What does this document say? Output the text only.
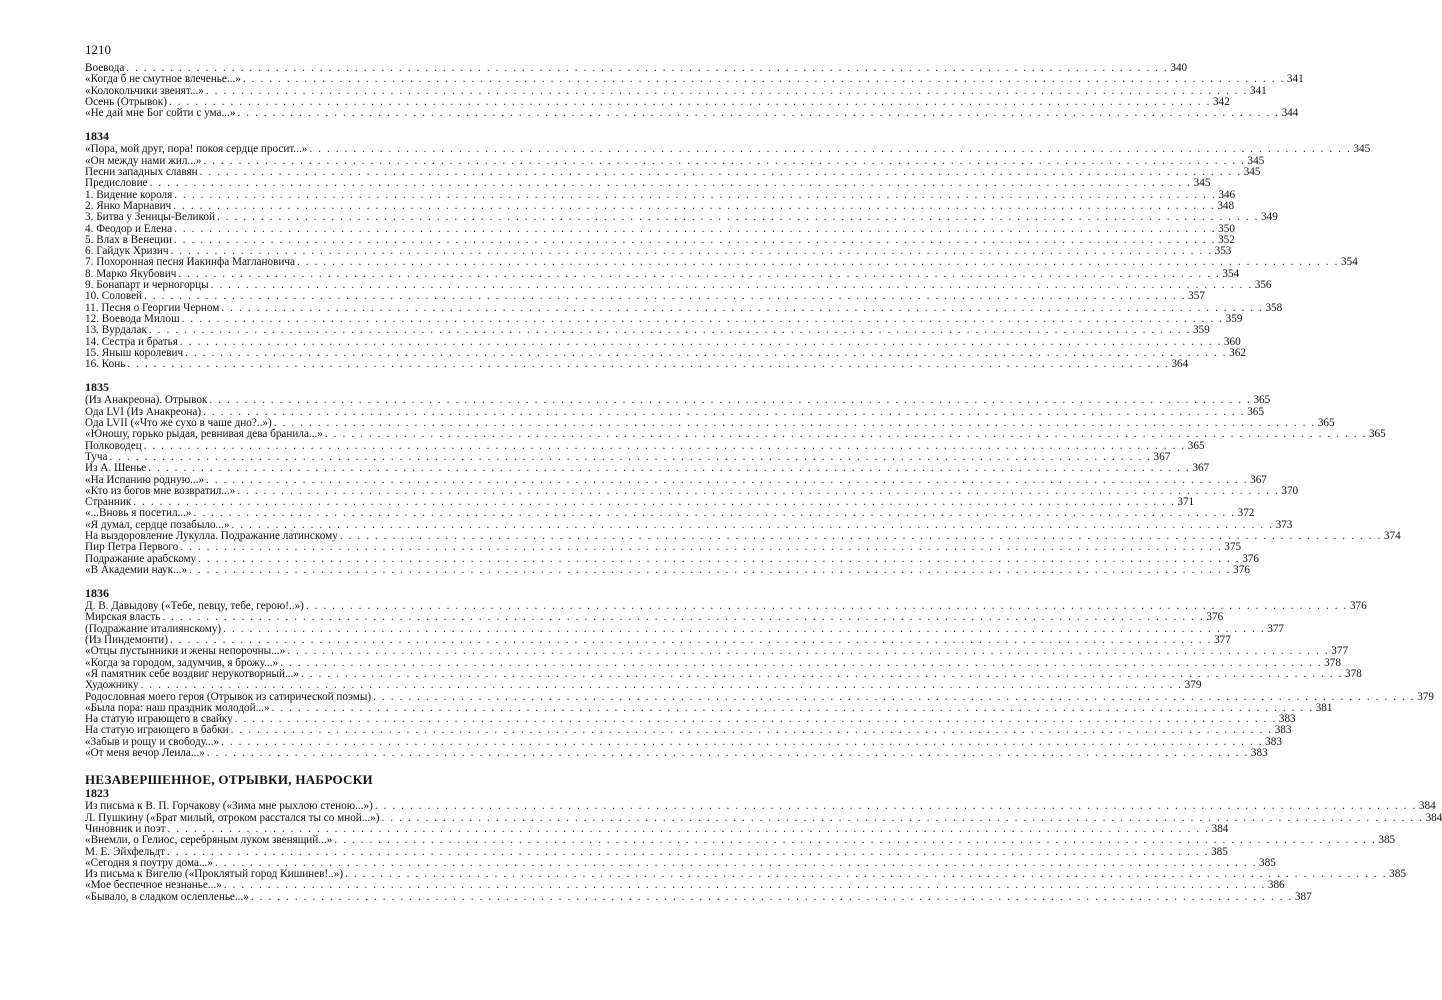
1210
Воевода . . . . . . . . . . . . . . . . . . . . . . . . . . . . . . . . . . . . . . . . . . . . . . . . . . . . . . . . . . . . . . . . . . . . . . . . . . . . . . . . . . . . . . . . . . . . . . . . . . . . . . . . . . . . . . . . . . . . . . . 340
«Когда б не смутное влеченье...» . . . . . . . . . . . . . . . . . . . . . . . . . . . . . . . . . . . . . . . . . . . . . . . . . . . . . . . . . . . . . . . . . . . . . . . . . . . . . . . . . . . . . . . . . . . . . . . . . . . . . . . . . . . . . . . . . . . . . . . 341
«Колокольчики звенят...» . . . . . . . . . . . . . . . . . . . . . . . . . . . . . . . . . . . . . . . . . . . . . . . . . . . . . . . . . . . . . . . . . . . . . . . . . . . . . . . . . . . . . . . . . . . . . . . . . . . . . . . . . . . . . . . . . . . . . . . 341
Осень (Отрывок) . . . . . . . . . . . . . . . . . . . . . . . . . . . . . . . . . . . . . . . . . . . . . . . . . . . . . . . . . . . . . . . . . . . . . . . . . . . . . . . . . . . . . . . . . . . . . . . . . . . . . . . . . . . . . . . . . . . . . . . 342
«Не дай мне Бог сойти с ума...» . . . . . . . . . . . . . . . . . . . . . . . . . . . . . . . . . . . . . . . . . . . . . . . . . . . . . . . . . . . . . . . . . . . . . . . . . . . . . . . . . . . . . . . . . . . . . . . . . . . . . . . . . . . . . . . . . . . . . . . 344
1834
«Пора, мой друг, пора! покоя сердце просит...» . . . . . . . . . . . . . . . . . . . . . . . . . . . . . . . . . . . . . . . . . . . . . . . . . . . . . . . . . . . . . . . . . . . . . . . . . . . . . . . . . . . . . . . . . . . . . . . . . . . . . . . . . . . . . . . . . . . . . . . 345
«Он между нами жил...» . . . . . . . . . . . . . . . . . . . . . . . . . . . . . . . . . . . . . . . . . . . . . . . . . . . . . . . . . . . . . . . . . . . . . . . . . . . . . . . . . . . . . . . . . . . . . . . . . . . . . . . . . . . . . . . . . . . . . . . 345
Песни западных славян . . . . . . . . . . . . . . . . . . . . . . . . . . . . . . . . . . . . . . . . . . . . . . . . . . . . . . . . . . . . . . . . . . . . . . . . . . . . . . . . . . . . . . . . . . . . . . . . . . . . . . . . . . . . . . . . . . . . . . . 345
Предисловие . . . . . . . . . . . . . . . . . . . . . . . . . . . . . . . . . . . . . . . . . . . . . . . . . . . . . . . . . . . . . . . . . . . . . . . . . . . . . . . . . . . . . . . . . . . . . . . . . . . . . . . . . . . . . . . . . . . . . . . 345
1. Видение короля . . . . . . . . . . . . . . . . . . . . . . . . . . . . . . . . . . . . . . . . . . . . . . . . . . . . . . . . . . . . . . . . . . . . . . . . . . . . . . . . . . . . . . . . . . . . . . . . . . . . . . . . . . . . . . . . . . . . . . . 346
2. Янко Марнавич . . . . . . . . . . . . . . . . . . . . . . . . . . . . . . . . . . . . . . . . . . . . . . . . . . . . . . . . . . . . . . . . . . . . . . . . . . . . . . . . . . . . . . . . . . . . . . . . . . . . . . . . . . . . . . . . . . . . . . . 348
3. Битва у Зеницы-Великой . . . . . . . . . . . . . . . . . . . . . . . . . . . . . . . . . . . . . . . . . . . . . . . . . . . . . . . . . . . . . . . . . . . . . . . . . . . . . . . . . . . . . . . . . . . . . . . . . . . . . . . . . . . . . . . . . . . . . . . 349
4. Феодор и Елена . . . . . . . . . . . . . . . . . . . . . . . . . . . . . . . . . . . . . . . . . . . . . . . . . . . . . . . . . . . . . . . . . . . . . . . . . . . . . . . . . . . . . . . . . . . . . . . . . . . . . . . . . . . . . . . . . . . . . . . 350
5. Влах в Венеции . . . . . . . . . . . . . . . . . . . . . . . . . . . . . . . . . . . . . . . . . . . . . . . . . . . . . . . . . . . . . . . . . . . . . . . . . . . . . . . . . . . . . . . . . . . . . . . . . . . . . . . . . . . . . . . . . . . . . . . 352
6. Гайдук Хризич . . . . . . . . . . . . . . . . . . . . . . . . . . . . . . . . . . . . . . . . . . . . . . . . . . . . . . . . . . . . . . . . . . . . . . . . . . . . . . . . . . . . . . . . . . . . . . . . . . . . . . . . . . . . . . . . . . . . . . . 353
7. Похоронная песня Иакинфа Маглановича . . . . . . . . . . . . . . . . . . . . . . . . . . . . . . . . . . . . . . . . . . . . . . . . . . . . . . . . . . . . . . . . . . . . . . . . . . . . . . . . . . . . . . . . . . . . . . . . . . . . . . . . . . . . . . . . . . . . . . . 354
8. Марко Якубович . . . . . . . . . . . . . . . . . . . . . . . . . . . . . . . . . . . . . . . . . . . . . . . . . . . . . . . . . . . . . . . . . . . . . . . . . . . . . . . . . . . . . . . . . . . . . . . . . . . . . . . . . . . . . . . . . . . . . . . 354
9. Бонапарт и черногорцы . . . . . . . . . . . . . . . . . . . . . . . . . . . . . . . . . . . . . . . . . . . . . . . . . . . . . . . . . . . . . . . . . . . . . . . . . . . . . . . . . . . . . . . . . . . . . . . . . . . . . . . . . . . . . . . . . . . . . . . 356
10. Соловей . . . . . . . . . . . . . . . . . . . . . . . . . . . . . . . . . . . . . . . . . . . . . . . . . . . . . . . . . . . . . . . . . . . . . . . . . . . . . . . . . . . . . . . . . . . . . . . . . . . . . . . . . . . . . . . . . . . . . . . 357
11. Песня о Георгии Черном . . . . . . . . . . . . . . . . . . . . . . . . . . . . . . . . . . . . . . . . . . . . . . . . . . . . . . . . . . . . . . . . . . . . . . . . . . . . . . . . . . . . . . . . . . . . . . . . . . . . . . . . . . . . . . . . . . . . . . . 358
12. Воевода Милош . . . . . . . . . . . . . . . . . . . . . . . . . . . . . . . . . . . . . . . . . . . . . . . . . . . . . . . . . . . . . . . . . . . . . . . . . . . . . . . . . . . . . . . . . . . . . . . . . . . . . . . . . . . . . . . . . . . . . . . 359
13. Вурдалак . . . . . . . . . . . . . . . . . . . . . . . . . . . . . . . . . . . . . . . . . . . . . . . . . . . . . . . . . . . . . . . . . . . . . . . . . . . . . . . . . . . . . . . . . . . . . . . . . . . . . . . . . . . . . . . . . . . . . . . 359
14. Сестра и братья . . . . . . . . . . . . . . . . . . . . . . . . . . . . . . . . . . . . . . . . . . . . . . . . . . . . . . . . . . . . . . . . . . . . . . . . . . . . . . . . . . . . . . . . . . . . . . . . . . . . . . . . . . . . . . . . . . . . . . . 360
15. Яныш королевич . . . . . . . . . . . . . . . . . . . . . . . . . . . . . . . . . . . . . . . . . . . . . . . . . . . . . . . . . . . . . . . . . . . . . . . . . . . . . . . . . . . . . . . . . . . . . . . . . . . . . . . . . . . . . . . . . . . . . . . 362
16. Конь . . . . . . . . . . . . . . . . . . . . . . . . . . . . . . . . . . . . . . . . . . . . . . . . . . . . . . . . . . . . . . . . . . . . . . . . . . . . . . . . . . . . . . . . . . . . . . . . . . . . . . . . . . . . . . . . . . . . . . . 364
1835
(Из Анакреона). Отрывок . . . . . . . . . . . . . . . . . . . . . . . . . . . . . . . . . . . . . . . . . . . . . . . . . . . . . . . . . . . . . . . . . . . . . . . . . . . . . . . . . . . . . . . . . . . . . . . . . . . . . . . . . . . . . . . . . . . . . . . 365
Ода LVI (Из Анакреона) . . . . . . . . . . . . . . . . . . . . . . . . . . . . . . . . . . . . . . . . . . . . . . . . . . . . . . . . . . . . . . . . . . . . . . . . . . . . . . . . . . . . . . . . . . . . . . . . . . . . . . . . . . . . . . . . . . . . . . . 365
Ода LVII («Что же сухо в чаше дно?..») . . . . . . . . . . . . . . . . . . . . . . . . . . . . . . . . . . . . . . . . . . . . . . . . . . . . . . . . . . . . . . . . . . . . . . . . . . . . . . . . . . . . . . . . . . . . . . . . . . . . . . . . . . . . . . . . . . . . . . . 365
«Юношу, горько рыдая, ревнивая дева бранила...» . . . . . . . . . . . . . . . . . . . . . . . . . . . . . . . . . . . . . . . . . . . . . . . . . . . . . . . . . . . . . . . . . . . . . . . . . . . . . . . . . . . . . . . . . . . . . . . . . . . . . . . . . . . . . . . . . . . . . . . 365
Полководец . . . . . . . . . . . . . . . . . . . . . . . . . . . . . . . . . . . . . . . . . . . . . . . . . . . . . . . . . . . . . . . . . . . . . . . . . . . . . . . . . . . . . . . . . . . . . . . . . . . . . . . . . . . . . . . . . . . . . . . 365
Туча . . . . . . . . . . . . . . . . . . . . . . . . . . . . . . . . . . . . . . . . . . . . . . . . . . . . . . . . . . . . . . . . . . . . . . . . . . . . . . . . . . . . . . . . . . . . . . . . . . . . . . . . . . . . . . . . . . . . . . . 367
Из А. Шенье . . . . . . . . . . . . . . . . . . . . . . . . . . . . . . . . . . . . . . . . . . . . . . . . . . . . . . . . . . . . . . . . . . . . . . . . . . . . . . . . . . . . . . . . . . . . . . . . . . . . . . . . . . . . . . . . . . . . . . . 367
«На Испанию родную...» . . . . . . . . . . . . . . . . . . . . . . . . . . . . . . . . . . . . . . . . . . . . . . . . . . . . . . . . . . . . . . . . . . . . . . . . . . . . . . . . . . . . . . . . . . . . . . . . . . . . . . . . . . . . . . . . . . . . . . . 367
«Кто из богов мне возвратил...» . . . . . . . . . . . . . . . . . . . . . . . . . . . . . . . . . . . . . . . . . . . . . . . . . . . . . . . . . . . . . . . . . . . . . . . . . . . . . . . . . . . . . . . . . . . . . . . . . . . . . . . . . . . . . . . . . . . . . . . 370
Странник . . . . . . . . . . . . . . . . . . . . . . . . . . . . . . . . . . . . . . . . . . . . . . . . . . . . . . . . . . . . . . . . . . . . . . . . . . . . . . . . . . . . . . . . . . . . . . . . . . . . . . . . . . . . . . . . . . . . . . . 371
«...Вновь я посетил...» . . . . . . . . . . . . . . . . . . . . . . . . . . . . . . . . . . . . . . . . . . . . . . . . . . . . . . . . . . . . . . . . . . . . . . . . . . . . . . . . . . . . . . . . . . . . . . . . . . . . . . . . . . . . . . . . . . . . . . . 372
«Я думал, сердце позабыло...» . . . . . . . . . . . . . . . . . . . . . . . . . . . . . . . . . . . . . . . . . . . . . . . . . . . . . . . . . . . . . . . . . . . . . . . . . . . . . . . . . . . . . . . . . . . . . . . . . . . . . . . . . . . . . . . . . . . . . . . 373
На выздоровление Лукулла. Подражание латинскому . . . . . . . . . . . . . . . . . . . . . . . . . . . . . . . . . . . . . . . . . . . . . . . . . . . . . . . . . . . . . . . . . . . . . . . . . . . . . . . . . . . . . . . . . . . . . . . . . . . . . . . . . . . . . . . . . . . . . . . 374
Пир Петра Первого . . . . . . . . . . . . . . . . . . . . . . . . . . . . . . . . . . . . . . . . . . . . . . . . . . . . . . . . . . . . . . . . . . . . . . . . . . . . . . . . . . . . . . . . . . . . . . . . . . . . . . . . . . . . . . . . . . . . . . . 375
Подражание арабскому . . . . . . . . . . . . . . . . . . . . . . . . . . . . . . . . . . . . . . . . . . . . . . . . . . . . . . . . . . . . . . . . . . . . . . . . . . . . . . . . . . . . . . . . . . . . . . . . . . . . . . . . . . . . . . . . . . . . . . . 376
«В Академии наук...» . . . . . . . . . . . . . . . . . . . . . . . . . . . . . . . . . . . . . . . . . . . . . . . . . . . . . . . . . . . . . . . . . . . . . . . . . . . . . . . . . . . . . . . . . . . . . . . . . . . . . . . . . . . . . . . . . . . . . . . 376
1836
Д. В. Давыдову («Тебе, певцу, тебе, герою!..») . . . . . . . . . . . . . . . . . . . . . . . . . . . . . . . . . . . . . . . . . . . . . . . . . . . . . . . . . . . . . . . . . . . . . . . . . . . . . . . . . . . . . . . . . . . . . . . . . . . . . . . . . . . . . . . . . . . . . . . 376
Мирская власть . . . . . . . . . . . . . . . . . . . . . . . . . . . . . . . . . . . . . . . . . . . . . . . . . . . . . . . . . . . . . . . . . . . . . . . . . . . . . . . . . . . . . . . . . . . . . . . . . . . . . . . . . . . . . . . . . . . . . . . 376
(Подражание италиянскому) . . . . . . . . . . . . . . . . . . . . . . . . . . . . . . . . . . . . . . . . . . . . . . . . . . . . . . . . . . . . . . . . . . . . . . . . . . . . . . . . . . . . . . . . . . . . . . . . . . . . . . . . . . . . . . . . . . . . . . . 377
(Из Пиндемонти) . . . . . . . . . . . . . . . . . . . . . . . . . . . . . . . . . . . . . . . . . . . . . . . . . . . . . . . . . . . . . . . . . . . . . . . . . . . . . . . . . . . . . . . . . . . . . . . . . . . . . . . . . . . . . . . . . . . . . . . 377
«Отцы пустынники и жены непорочны...» . . . . . . . . . . . . . . . . . . . . . . . . . . . . . . . . . . . . . . . . . . . . . . . . . . . . . . . . . . . . . . . . . . . . . . . . . . . . . . . . . . . . . . . . . . . . . . . . . . . . . . . . . . . . . . . . . . . . . . . 377
«Когда за городом, задумчив, я брожу...» . . . . . . . . . . . . . . . . . . . . . . . . . . . . . . . . . . . . . . . . . . . . . . . . . . . . . . . . . . . . . . . . . . . . . . . . . . . . . . . . . . . . . . . . . . . . . . . . . . . . . . . . . . . . . . . . . . . . . . . 378
«Я памятник себе воздвиг нерукотворный...» . . . . . . . . . . . . . . . . . . . . . . . . . . . . . . . . . . . . . . . . . . . . . . . . . . . . . . . . . . . . . . . . . . . . . . . . . . . . . . . . . . . . . . . . . . . . . . . . . . . . . . . . . . . . . . . . . . . . . . . 378
Художнику . . . . . . . . . . . . . . . . . . . . . . . . . . . . . . . . . . . . . . . . . . . . . . . . . . . . . . . . . . . . . . . . . . . . . . . . . . . . . . . . . . . . . . . . . . . . . . . . . . . . . . . . . . . . . . . . . . . . . . . 379
Родословная моего героя (Отрывок из сатирической поэмы) . . . . . . . . . . . . . . . . . . . . . . . . . . . . . . . . . . . . . . . . . . . . . . . . . . . . . . . . . . . . . . . . . . . . . . . . . . . . . . . . . . . . . . . . . . . . . . . . . . . . . . . . . . . . . . . . . . . . . . . 379
«Была пора: наш праздник молодой...» . . . . . . . . . . . . . . . . . . . . . . . . . . . . . . . . . . . . . . . . . . . . . . . . . . . . . . . . . . . . . . . . . . . . . . . . . . . . . . . . . . . . . . . . . . . . . . . . . . . . . . . . . . . . . . . . . . . . . . . 381
На статую играющего в свайку . . . . . . . . . . . . . . . . . . . . . . . . . . . . . . . . . . . . . . . . . . . . . . . . . . . . . . . . . . . . . . . . . . . . . . . . . . . . . . . . . . . . . . . . . . . . . . . . . . . . . . . . . . . . . . . . . . . . . . . 383
На статую играющего в бабки . . . . . . . . . . . . . . . . . . . . . . . . . . . . . . . . . . . . . . . . . . . . . . . . . . . . . . . . . . . . . . . . . . . . . . . . . . . . . . . . . . . . . . . . . . . . . . . . . . . . . . . . . . . . . . . . . . . . . . . 383
«Забыв и рощу и свободу...» . . . . . . . . . . . . . . . . . . . . . . . . . . . . . . . . . . . . . . . . . . . . . . . . . . . . . . . . . . . . . . . . . . . . . . . . . . . . . . . . . . . . . . . . . . . . . . . . . . . . . . . . . . . . . . . . . . . . . . . 383
«От меня вечор Леила...» . . . . . . . . . . . . . . . . . . . . . . . . . . . . . . . . . . . . . . . . . . . . . . . . . . . . . . . . . . . . . . . . . . . . . . . . . . . . . . . . . . . . . . . . . . . . . . . . . . . . . . . . . . . . . . . . . . . . . . . 383
НЕЗАВЕРШЕННОЕ, ОТРЫВКИ, НАБРОСКИ
1823
Из письма к В. П. Горчакову («Зима мне рыхлою стеною...») . . . . . . . . . . . . . . . . . . . . . . . . . . . . . . . . . . . . . . . . . . . . . . . . . . . . . . . . . . . . . . . . . . . . . . . . . . . . . . . . . . . . . . . . . . . . . . . . . . . . . . . . . . . . . . . . . . . . . . . 384
Л. Пушкину («Брат милый, отроком расстался ты со мной...») . . . . . . . . . . . . . . . . . . . . . . . . . . . . . . . . . . . . . . . . . . . . . . . . . . . . . . . . . . . . . . . . . . . . . . . . . . . . . . . . . . . . . . . . . . . . . . . . . . . . . . . . . . . . . . . . . . . . . . . 384
Чиновник и поэт . . . . . . . . . . . . . . . . . . . . . . . . . . . . . . . . . . . . . . . . . . . . . . . . . . . . . . . . . . . . . . . . . . . . . . . . . . . . . . . . . . . . . . . . . . . . . . . . . . . . . . . . . . . . . . . . . . . . . . . 384
«Внемли, о Гелиос, серебряным луком звенящий...» . . . . . . . . . . . . . . . . . . . . . . . . . . . . . . . . . . . . . . . . . . . . . . . . . . . . . . . . . . . . . . . . . . . . . . . . . . . . . . . . . . . . . . . . . . . . . . . . . . . . . . . . . . . . . . . . . . . . . . . 385
М. Е. Эйхфельдт . . . . . . . . . . . . . . . . . . . . . . . . . . . . . . . . . . . . . . . . . . . . . . . . . . . . . . . . . . . . . . . . . . . . . . . . . . . . . . . . . . . . . . . . . . . . . . . . . . . . . . . . . . . . . . . . . . . . . . . 385
«Сегодня я поутру дома...» . . . . . . . . . . . . . . . . . . . . . . . . . . . . . . . . . . . . . . . . . . . . . . . . . . . . . . . . . . . . . . . . . . . . . . . . . . . . . . . . . . . . . . . . . . . . . . . . . . . . . . . . . . . . . . . . . . . . . . . 385
Из письма к Вигелю («Проклятый город Кишинев!..») . . . . . . . . . . . . . . . . . . . . . . . . . . . . . . . . . . . . . . . . . . . . . . . . . . . . . . . . . . . . . . . . . . . . . . . . . . . . . . . . . . . . . . . . . . . . . . . . . . . . . . . . . . . . . . . . . . . . . . . 385
«Мое беспечное незнанье...» . . . . . . . . . . . . . . . . . . . . . . . . . . . . . . . . . . . . . . . . . . . . . . . . . . . . . . . . . . . . . . . . . . . . . . . . . . . . . . . . . . . . . . . . . . . . . . . . . . . . . . . . . . . . . . . . . . . . . . . 386
«Бывало, в сладком ослепленье...» . . . . . . . . . . . . . . . . . . . . . . . . . . . . . . . . . . . . . . . . . . . . . . . . . . . . . . . . . . . . . . . . . . . . . . . . . . . . . . . . . . . . . . . . . . . . . . . . . . . . . . . . . . . . . . . . . . . . . . . 387
